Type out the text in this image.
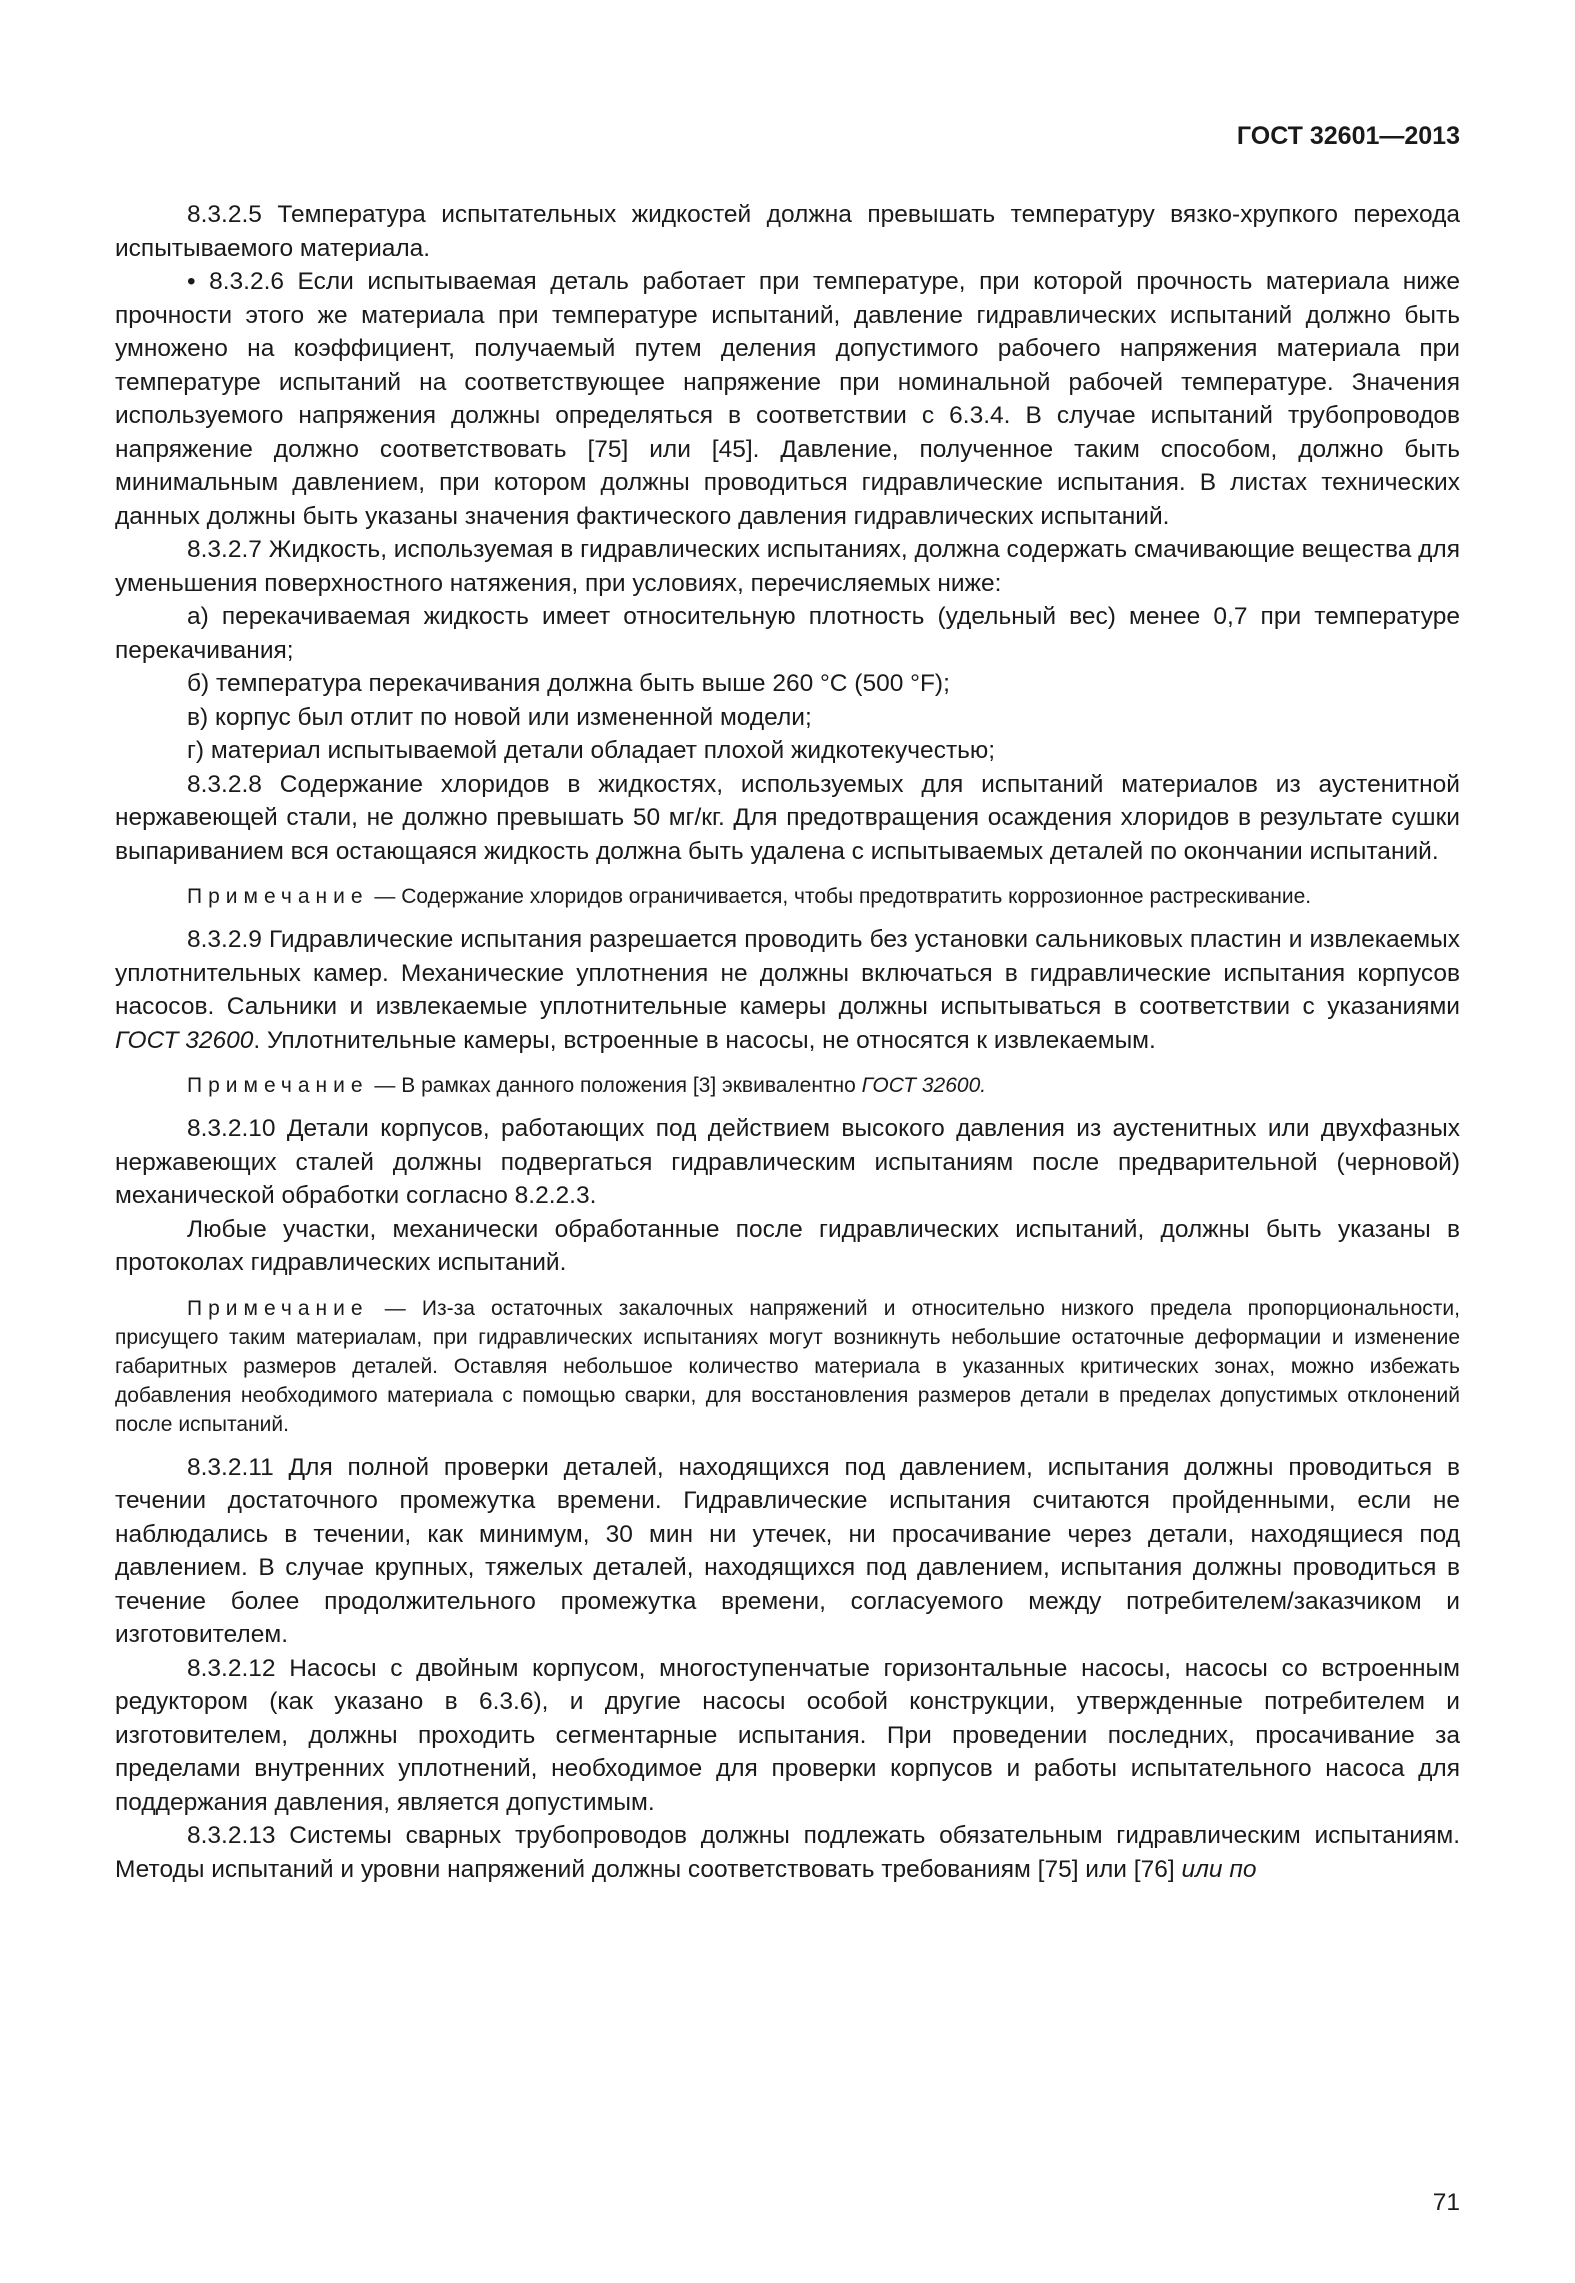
ГОСТ 32601—2013

8.3.2.5 Температура испытательных жидкостей должна превышать температуру вязко-хрупкого перехода испытываемого материала.

• 8.3.2.6 Если испытываемая деталь работает при температуре, при которой прочность материала ниже прочности этого же материала при температуре испытаний, давление гидравлических испытаний должно быть умножено на коэффициент, получаемый путем деления допустимого рабочего напряжения материала при температуре испытаний на соответствующее напряжение при номинальной рабочей температуре. Значения используемого напряжения должны определяться в соответствии с 6.3.4. В случае испытаний трубопроводов напряжение должно соответствовать [75] или [45]. Давление, полученное таким способом, должно быть минимальным давлением, при котором должны проводиться гидравлические испытания. В листах технических данных должны быть указаны значения фактического давления гидравлических испытаний.

8.3.2.7 Жидкость, используемая в гидравлических испытаниях, должна содержать смачивающие вещества для уменьшения поверхностного натяжения, при условиях, перечисляемых ниже:

а) перекачиваемая жидкость имеет относительную плотность (удельный вес) менее 0,7 при температуре перекачивания;

б) температура перекачивания должна быть выше 260 °С (500 °F);

в) корпус был отлит по новой или измененной модели;

г) материал испытываемой детали обладает плохой жидкотекучестью;

8.3.2.8 Содержание хлоридов в жидкостях, используемых для испытаний материалов из аустенитной нержавеющей стали, не должно превышать 50 мг/кг. Для предотвращения осаждения хлоридов в результате сушки выпариванием вся остающаяся жидкость должна быть удалена с испытываемых деталей по окончании испытаний.

Примечание — Содержание хлоридов ограничивается, чтобы предотвратить коррозионное растрескивание.

8.3.2.9 Гидравлические испытания разрешается проводить без установки сальниковых пластин и извлекаемых уплотнительных камер. Механические уплотнения не должны включаться в гидравлические испытания корпусов насосов. Сальники и извлекаемые уплотнительные камеры должны испытываться в соответствии с указаниями ГОСТ 32600. Уплотнительные камеры, встроенные в насосы, не относятся к извлекаемым.

Примечание — В рамках данного положения [3] эквивалентно ГОСТ 32600.

8.3.2.10 Детали корпусов, работающих под действием высокого давления из аустенитных или двухфазных нержавеющих сталей должны подвергаться гидравлическим испытаниям после предварительной (черновой) механической обработки согласно 8.2.2.3.

Любые участки, механически обработанные после гидравлических испытаний, должны быть указаны в протоколах гидравлических испытаний.

Примечание — Из-за остаточных закалочных напряжений и относительно низкого предела пропорциональности, присущего таким материалам, при гидравлических испытаниях могут возникнуть небольшие остаточные деформации и изменение габаритных размеров деталей. Оставляя небольшое количество материала в указанных критических зонах, можно избежать добавления необходимого материала с помощью сварки, для восстановления размеров детали в пределах допустимых отклонений после испытаний.

8.3.2.11 Для полной проверки деталей, находящихся под давлением, испытания должны проводиться в течении достаточного промежутка времени. Гидравлические испытания считаются пройденными, если не наблюдались в течении, как минимум, 30 мин ни утечек, ни просачивание через детали, находящиеся под давлением. В случае крупных, тяжелых деталей, находящихся под давлением, испытания должны проводиться в течение более продолжительного промежутка времени, согласуемого между потребителем/заказчиком и изготовителем.

8.3.2.12 Насосы с двойным корпусом, многоступенчатые горизонтальные насосы, насосы со встроенным редуктором (как указано в 6.3.6), и другие насосы особой конструкции, утвержденные потребителем и изготовителем, должны проходить сегментарные испытания. При проведении последних, просачивание за пределами внутренних уплотнений, необходимое для проверки корпусов и работы испытательного насоса для поддержания давления, является допустимым.

8.3.2.13 Системы сварных трубопроводов должны подлежать обязательным гидравлическим испытаниям. Методы испытаний и уровни напряжений должны соответствовать требованиям [75] или [76] или по

71
